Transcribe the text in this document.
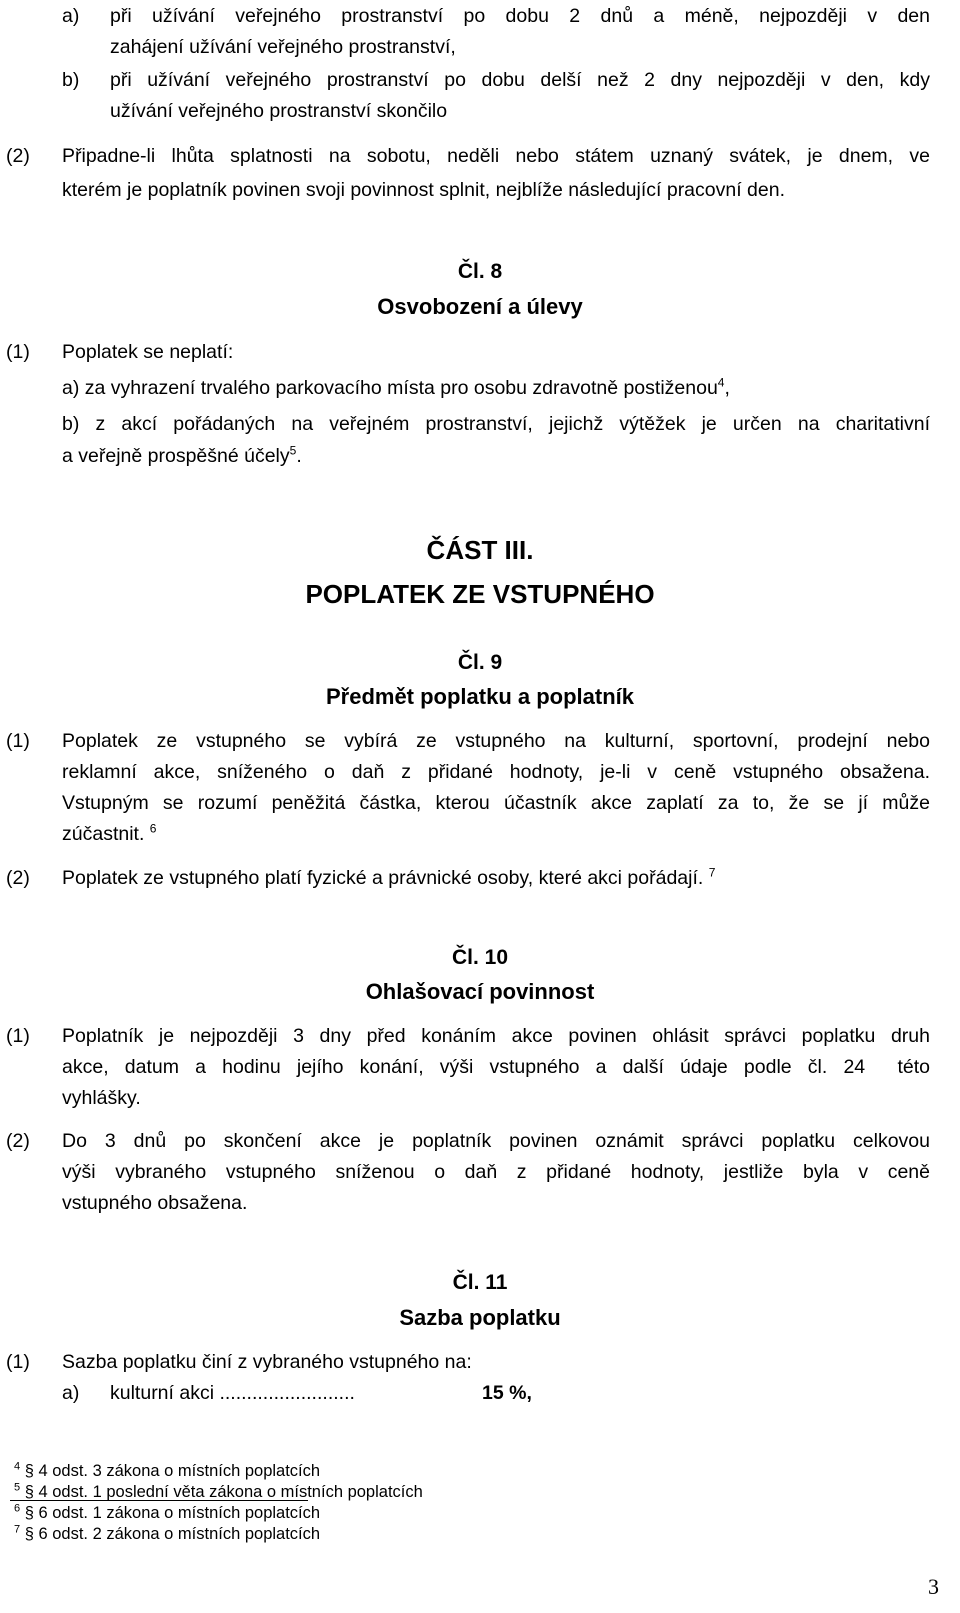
a) při užívání veřejného prostranství po dobu 2 dnů a méně, nejpozději v den
zahájení užívání veřejného prostranství,
b) při užívání veřejného prostranství po dobu delší než 2 dny nejpozději v den, kdy
užívání veřejného prostranství skončilo
(2) Připadne-li lhůta splatnosti na sobotu, neděli nebo státem uznaný svátek, je dnem, ve
kterém je poplatník povinen svoji povinnost splnit, nejblíže následující pracovní den.
Čl. 8
Osvobození a úlevy
(1) Poplatek se neplatí:
a) za vyhrazení trvalého parkovacího místa pro osobu zdravotně postiženou$^4$,
b) z akcí pořádaných na veřejném prostranství, jejichž výtěžek je určen na charitativní
a veřejně prospěšné účely$^5$.
ČÁST III.
POPLATEK ZE VSTUPNÉHO
Čl. 9
Předmět poplatku a poplatník
(1) Poplatek ze vstupného se vybírá ze vstupného na kulturní, sportovní, prodejní nebo
reklamní akce, sníženého o daň z přidané hodnoty, je-li v ceně vstupného obsažena.
Vstupným se rozumí peněžitá částka, kterou účastník akce zaplatí za to, že se jí může
zúčastnit. $^6$
(2) Poplatek ze vstupného platí fyzické a právnické osoby, které akci pořádají. $^7$
Čl. 10
Ohlašovací povinnost
(1) Poplatník je nejpozději 3 dny před konáním akce povinen ohlásit správci poplatku druh
akce, datum a hodinu jejího konání, výši vstupného a další údaje podle čl. 24  této
vyhlášky.
(2) Do 3 dnů po skončení akce je poplatník povinen oznámit správci poplatku celkovou
výši vybraného vstupného sníženou o daň z přidané hodnoty, jestliže byla v ceně
vstupného obsažena.
Čl. 11
Sazba poplatku
(1) Sazba poplatku činí z vybraného vstupného na:
a) kulturní akci .........................	15 %,
$^4$ § 4 odst. 3 zákona o místních poplatcích
$^5$ § 4 odst. 1 poslední věta zákona o místních poplatcích
$^6$ § 6 odst. 1 zákona o místních poplatcích
$^7$ § 6 odst. 2 zákona o místních poplatcích
3
